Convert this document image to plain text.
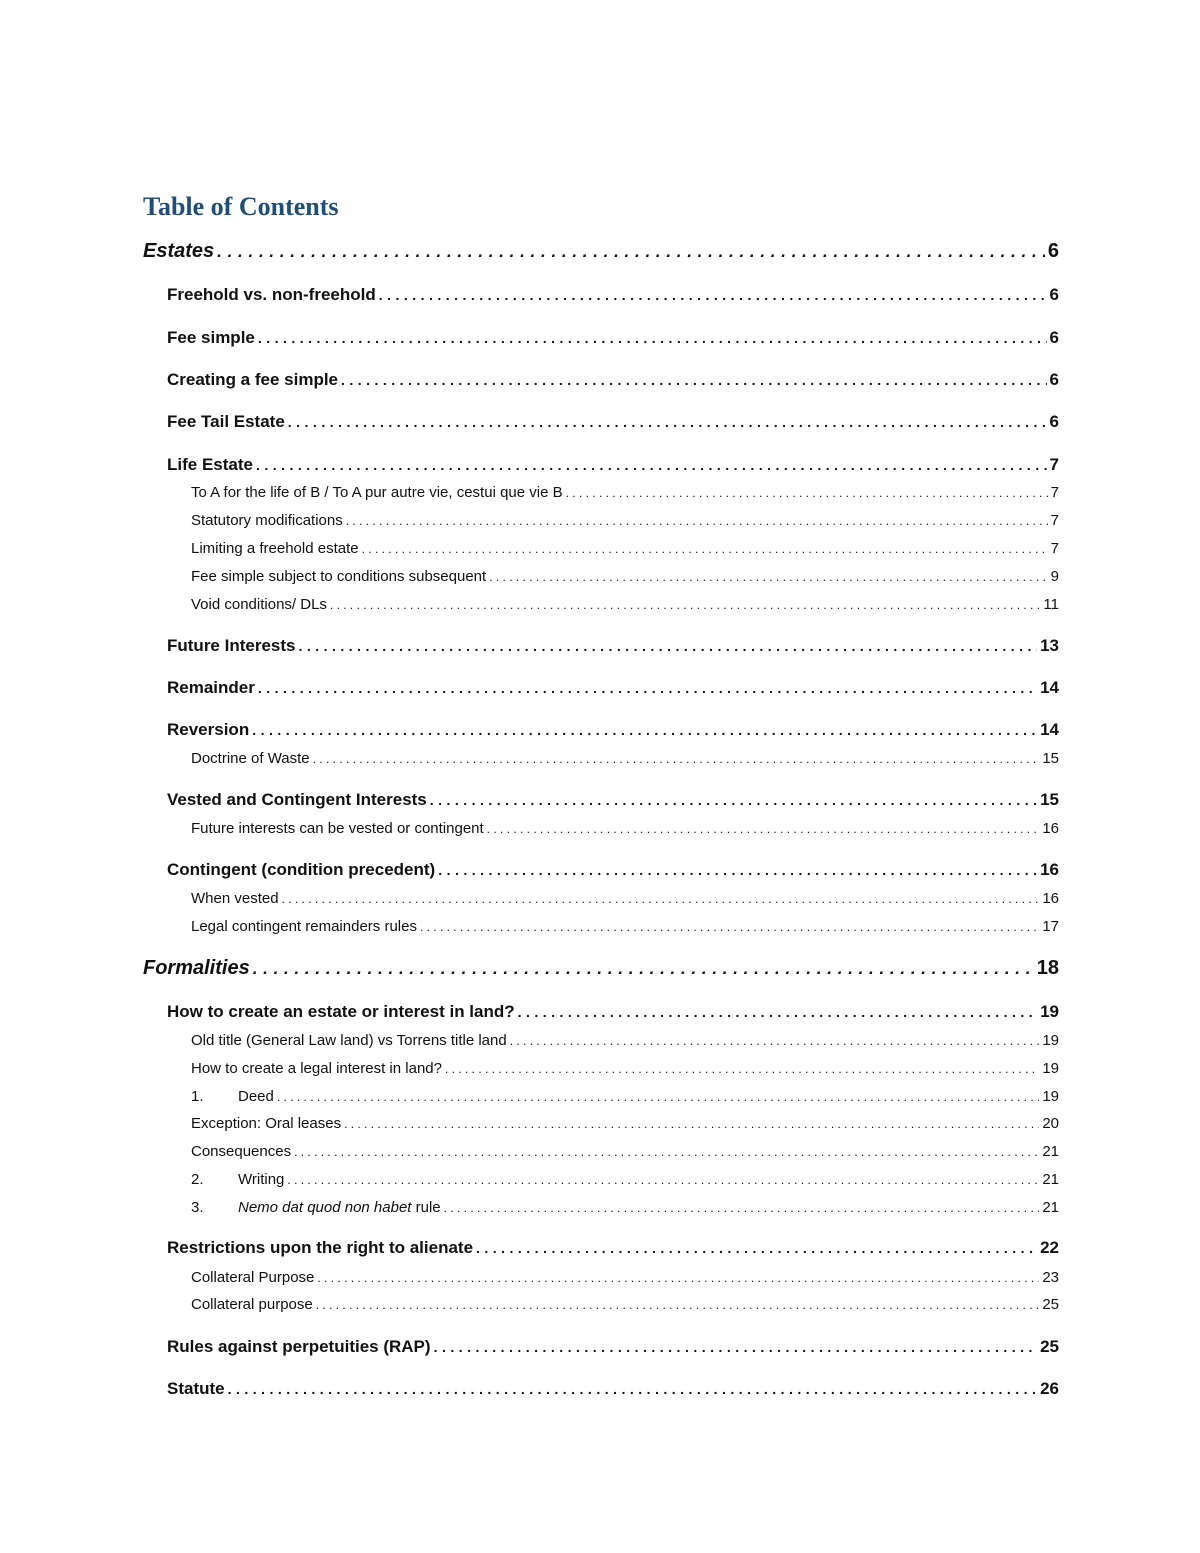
Table of Contents
Estates . . .	6
Freehold vs. non-freehold . . .	6
Fee simple . . .	6
Creating a fee simple . . .	6
Fee Tail Estate . . .	6
Life Estate . . .	7
To A for the life of B / To A pur autre vie, cestui que vie B . . .	7
Statutory modifications . . .	7
Limiting a freehold estate . . .	7
Fee simple subject to conditions subsequent . . .	9
Void conditions/ DLs . . .	11
Future Interests . . .	13
Remainder . . .	14
Reversion . . .	14
Doctrine of Waste . . .	15
Vested and Contingent Interests . . .	15
Future interests can be vested or contingent . . .	16
Contingent (condition precedent) . . .	16
When vested . . .	16
Legal contingent remainders rules . . .	17
Formalities . . .	18
How to create an estate or interest in land? . . .	19
Old title (General Law land) vs Torrens title land . . .	19
How to create a legal interest in land? . . .	19
1. Deed . . .	19
Exception: Oral leases . . .	20
Consequences . . .	21
2. Writing . . .	21
3. Nemo dat quod non habet rule . . .	21
Restrictions upon the right to alienate . . .	22
Collateral Purpose . . .	23
Collateral purpose . . .	25
Rules against perpetuities (RAP) . . .	25
Statute . . .	26
